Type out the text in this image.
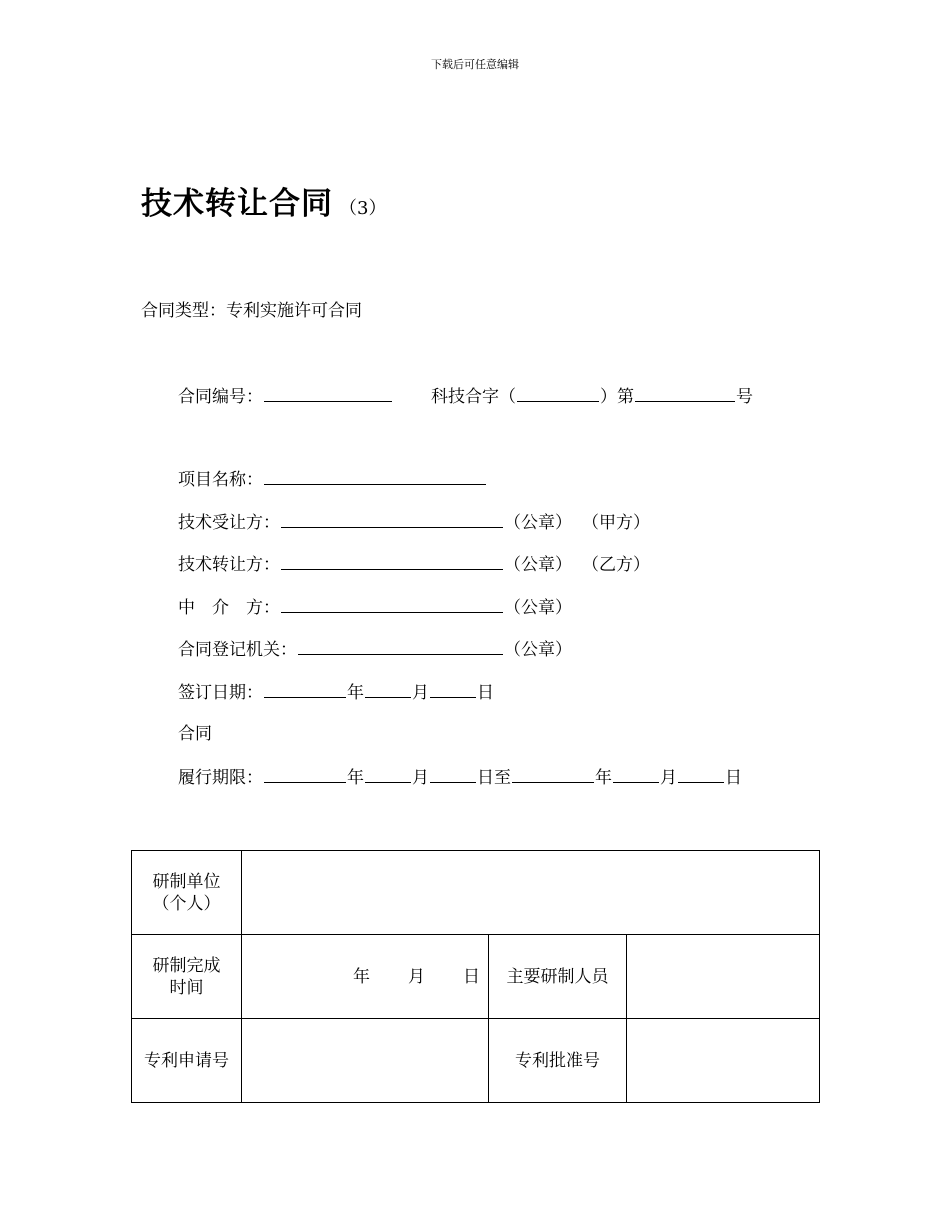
下载后可任意编辑
技术转让合同 （3）
合同类型：专利实施许可合同
合同编号：	科技合字（	）第	号
项目名称：
技术受让方：	（公章） （甲方）
技术转让方：	（公章） （乙方）
中　介　方：	（公章）
合同登记机关：	（公章）
签订日期：	年	月	日
合同
履行期限：	年	月	日至	年	月	日
研制单位
（个人）			

研制完成
时间	年 月 日	主要研制人员	
专利申请号		专利批准号	
